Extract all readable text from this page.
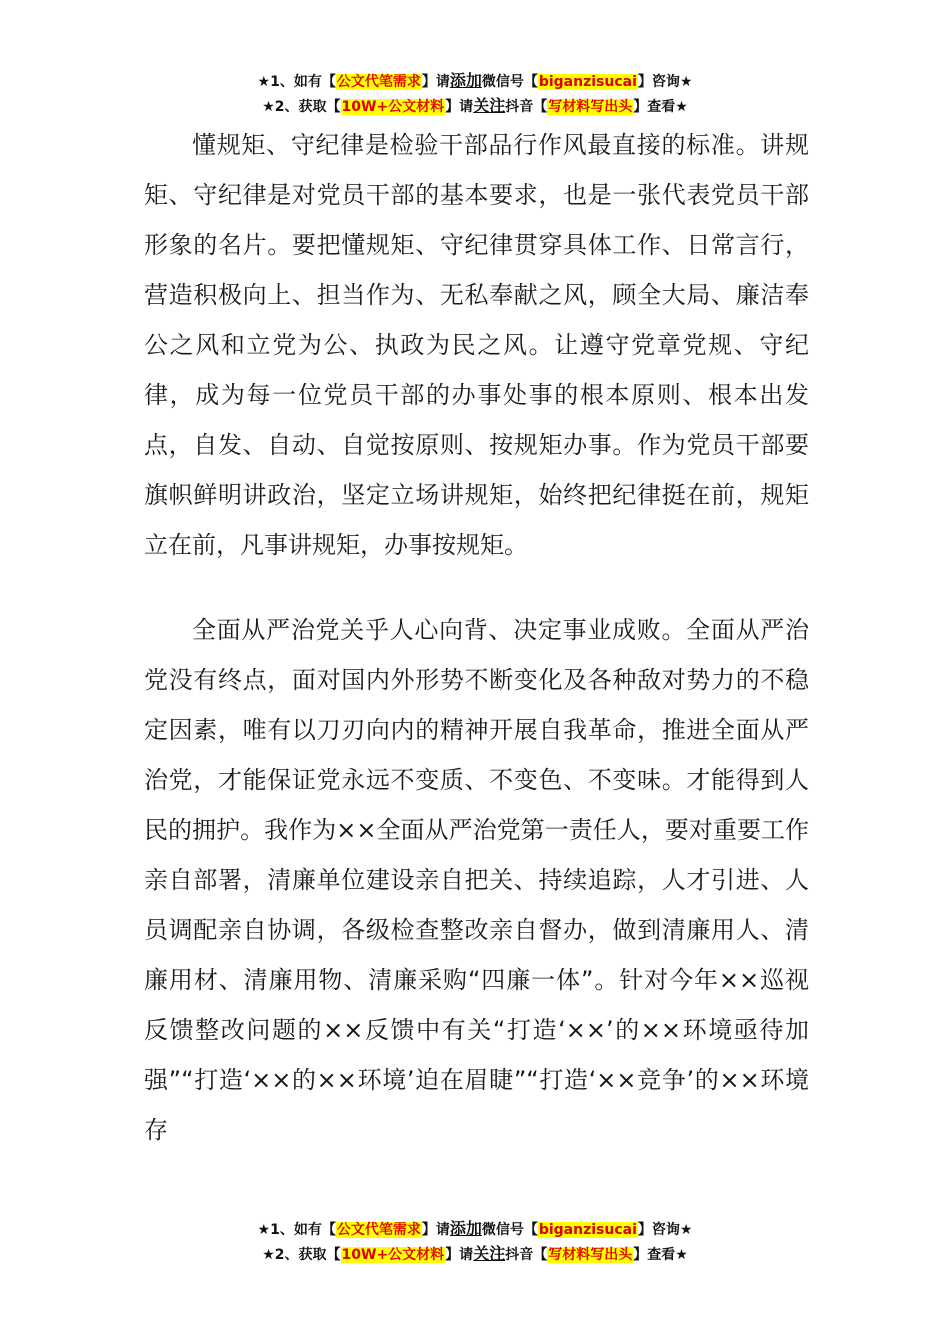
★1、如有【公文代笔需求】请添加微信号【biganzisucai】咨询★
★2、获取【10W+公文材料】请关注抖音【写材料写出头】查看★

懂规矩、守纪律是检验干部品行作风最直接的标准。讲规矩、守纪律是对党员干部的基本要求，也是一张代表党员干部形象的名片。要把懂规矩、守纪律贯穿具体工作、日常言行，营造积极向上、担当作为、无私奉献之风，顾全大局、廉洁奉公之风和立党为公、执政为民之风。让遵守党章党规、守纪律，成为每一位党员干部的办事处事的根本原则、根本出发点，自发、自动、自觉按原则、按规矩办事。作为党员干部要旗帜鲜明讲政治，坚定立场讲规矩，始终把纪律挺在前，规矩立在前，凡事讲规矩，办事按规矩。

全面从严治党关乎人心向背、决定事业成败。全面从严治党没有终点，面对国内外形势不断变化及各种敌对势力的不稳定因素，唯有以刀刃向内的精神开展自我革命，推进全面从严治党，才能保证党永远不变质、不变色、不变味。才能得到人民的拥护。我作为××全面从严治党第一责任人，要对重要工作亲自部署，清廉单位建设亲自把关、持续追踪，人才引进、人员调配亲自协调，各级检查整改亲自督办，做到清廉用人、清廉用材、清廉用物、清廉采购“四廉一体”。针对今年××巡视反馈整改问题的××反馈中有关“打造‘××’的××环境亟待加强”“打造‘××的××环境’迫在眉睫”“打造‘××竞争’的××环境存

★1、如有【公文代笔需求】请添加微信号【biganzisucai】咨询★
★2、获取【10W+公文材料】请关注抖音【写材料写出头】查看★
